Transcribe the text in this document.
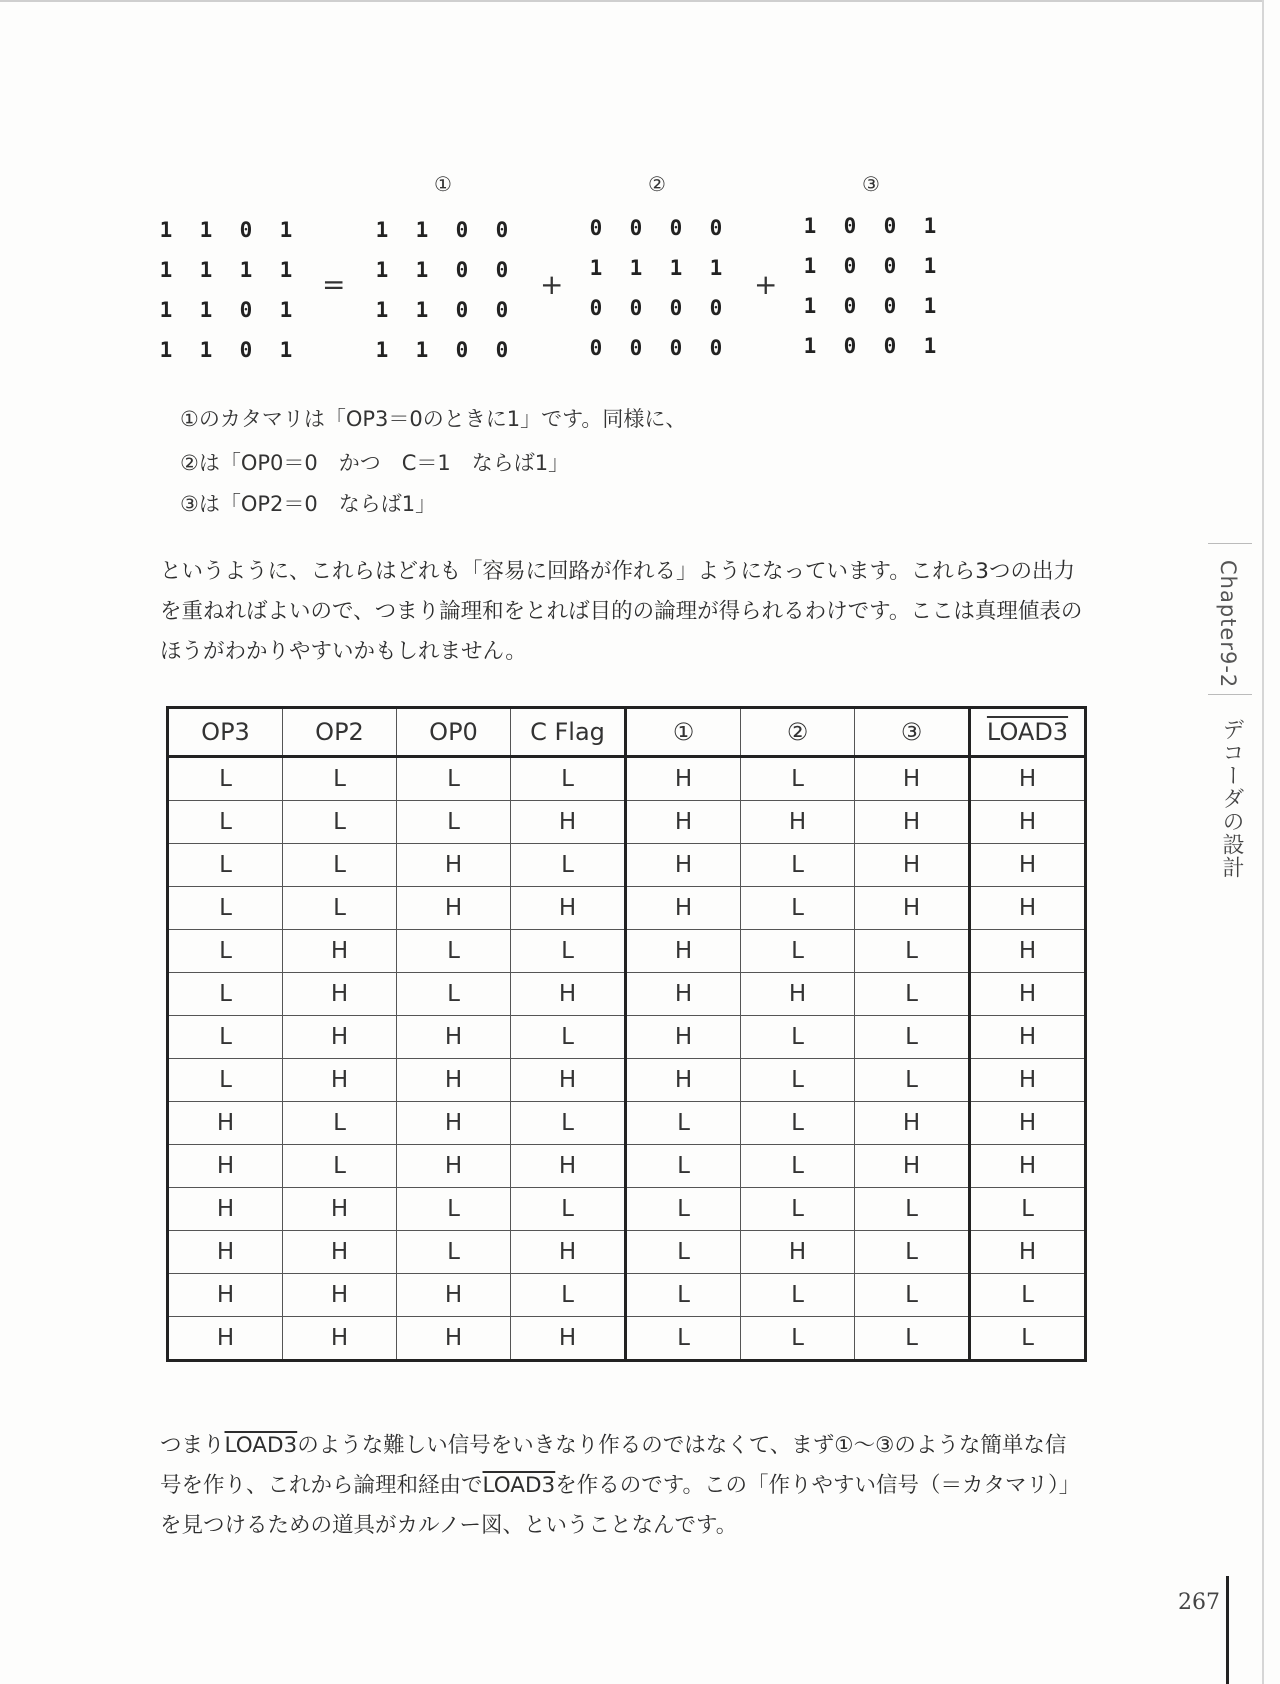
①	②	③
1	1	0	1
1	1	1	1
1	1	0	1
1	1	0	1
=
1	1	0	0
1	1	0	0
1	1	0	0
1	1	0	0
+
0	0	0	0
1	1	1	1
0	0	0	0
0	0	0	0
+
1	0	0	1
1	0	0	1
1	0	0	1
1	0	0	1
①のカタマリは「OP3＝0のときに1」です。同様に、
②は「OP0＝0　かつ　C＝1　ならば1」
③は「OP2＝0　ならば1」

というように、これらはどれも「容易に回路が作れる」ようになっています。これら3つの出力

を重ねればよいので、つまり論理和をとれば目的の論理が得られるわけです。ここは真理値表の

ほうがわかりやすいかもしれません。

OP3	OP2	OP0	C Flag	①	②	③	LOAD3
L	L	L	L	H	L	H	H
L	L	L	H	H	H	H	H
L	L	H	L	H	L	H	H
L	L	H	H	H	L	H	H
L	H	L	L	H	L	L	H
L	H	L	H	H	H	L	H
L	H	H	L	H	L	L	H
L	H	H	H	H	L	L	H
H	L	H	L	L	L	H	H
H	L	H	H	L	L	H	H
H	H	L	L	L	L	L	L
H	H	L	H	L	H	L	H
H	H	H	L	L	L	L	L
H	H	H	H	L	L	L	L

つまりLOAD3のような難しい信号をいきなり作るのではなくて、まず①〜③のような簡単な信

号を作り、これから論理和経由でLOAD3を作るのです。この「作りやすい信号（＝カタマリ）」

を見つけるための道具がカルノー図、ということなんです。

Chapter9-2
デコーダの設計
267
